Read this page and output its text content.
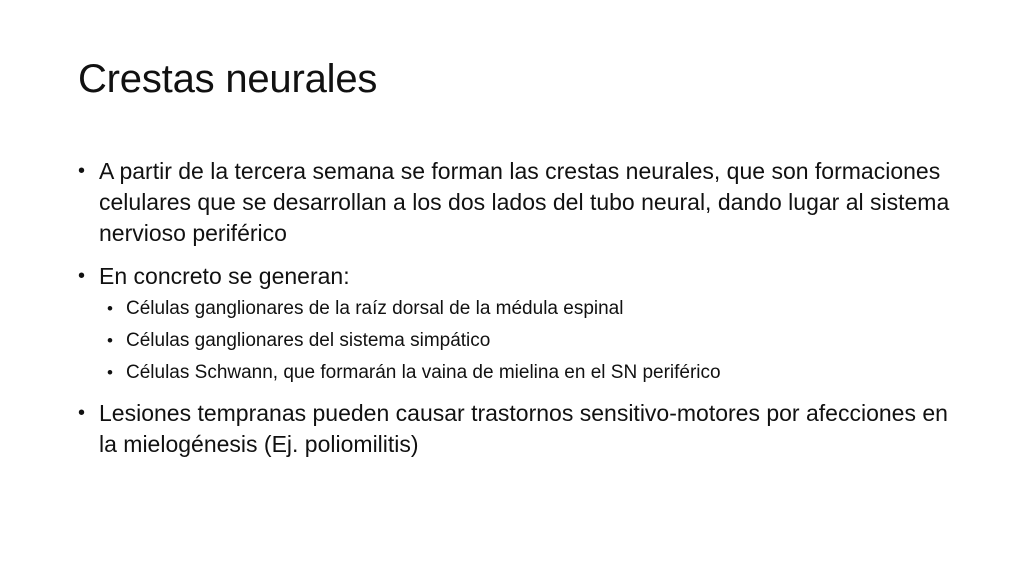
Crestas neurales
• A partir de la tercera semana se forman las crestas neurales, que son formaciones celulares que se desarrollan a los dos lados del tubo neural, dando lugar al sistema nervioso periférico
• En concreto se generan:
• Células ganglionares de la raíz dorsal de la médula espinal
• Células ganglionares del sistema simpático
• Células Schwann, que formarán la vaina de mielina en el SN periférico
• Lesiones tempranas pueden causar trastornos sensitivo-motores por afecciones en la mielogénesis (Ej. poliomilitis)
